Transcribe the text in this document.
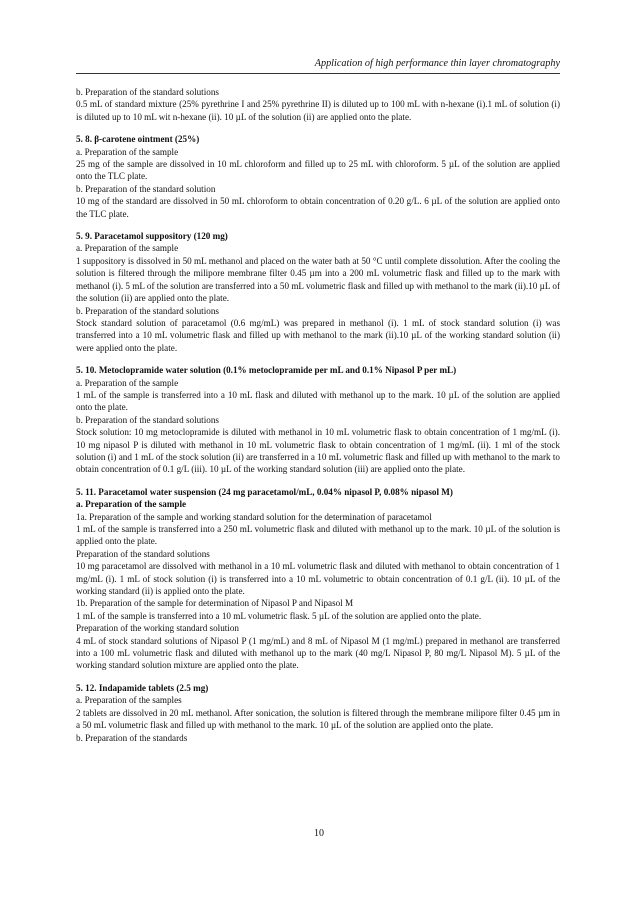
Application of high performance thin layer chromatography

b. Preparation of the standard solutions

0.5 mL of standard mixture (25% pyrethrine I and 25% pyrethrine II) is diluted up to 100 mL with n-hexane (i).1 mL of solution (i) is diluted up to 10 mL wit n-hexane (ii). 10 µL of the solution (ii) are applied onto the plate.

5. 8. β-carotene ointment (25%)

a. Preparation of the sample

25 mg of the sample are dissolved in 10 mL chloroform and filled up to 25 mL with chloroform. 5 µL of the solution are applied onto the TLC plate.

b. Preparation of the standard solution

10 mg of the standard are dissolved in 50 mL chloroform to obtain concentration of 0.20 g/L. 6 µL of the solution are applied onto the TLC plate.

5. 9. Paracetamol suppository (120 mg)

a. Preparation of the sample

1 suppository is dissolved in 50 mL methanol and placed on the water bath at 50 °C until complete dissolution. After the cooling the solution is filtered through the milipore membrane filter 0.45 µm into a 200 mL volumetric flask and filled up to the mark with methanol (i). 5 mL of the solution are transferred into a 50 mL volumetric flask and filled up with methanol to the mark (ii).10 µL of the solution (ii) are applied onto the plate.

b. Preparation of the standard solutions

Stock standard solution of paracetamol (0.6 mg/mL) was prepared in methanol (i). 1 mL of stock standard solution (i) was transferred into a 10 mL volumetric flask and filled up with methanol to the mark (ii).10 µL of the working standard solution (ii) were applied onto the plate.

5. 10. Metoclopramide water solution (0.1% metoclopramide per mL and 0.1% Nipasol P per mL)

a. Preparation of the sample

1 mL of the sample is transferred into a 10 mL flask and diluted with methanol up to the mark. 10 µL of the solution are applied onto the plate.

b. Preparation of the standard solutions

Stock solution: 10 mg metoclopramide is diluted with methanol in 10 mL volumetric flask to obtain concentration of 1 mg/mL (i). 10 mg nipasol P is diluted with methanol in 10 mL volumetric flask to obtain concentration of 1 mg/mL (ii). 1 ml of the stock solution (i) and 1 mL of the stock solution (ii) are transferred in a 10 mL volumetric flask and filled up with methanol to the mark to obtain concentration of 0.1 g/L (iii). 10 µL of the working standard solution (iii) are applied onto the plate.

5. 11. Paracetamol water suspension (24 mg paracetamol/mL, 0.04% nipasol P, 0.08% nipasol M)

a. Preparation of the sample

1a. Preparation of the sample and working standard solution for the determination of paracetamol

1 mL of the sample is transferred into a 250 mL volumetric flask and diluted with methanol up to the mark. 10 µL of the solution is applied onto the plate.

Preparation of the standard solutions

10 mg paracetamol are dissolved with methanol in a 10 mL volumetric flask and diluted with methanol to obtain concentration of 1 mg/mL (i). 1 mL of stock solution (i) is transferred into a 10 mL volumetric to obtain concentration of 0.1 g/L (ii). 10 µL of the working standard (ii) is applied onto the plate.

1b. Preparation of the sample for determination of Nipasol P and Nipasol M

1 mL of the sample is transferred into a 10 mL volumetric flask. 5 µL of the solution are applied onto the plate.

Preparation of the working standard solution

4 mL of stock standard solutions of Nipasol P (1 mg/mL) and 8 mL of Nipasol M (1 mg/mL) prepared in methanol are transferred into a 100 mL volumetric flask and diluted with methanol up to the mark (40 mg/L Nipasol P, 80 mg/L Nipasol M). 5 µL of the working standard solution mixture are applied onto the plate.

5. 12. Indapamide tablets (2.5 mg)

a. Preparation of the samples

2 tablets are dissolved in 20 mL methanol. After sonication, the solution is filtered through the membrane milipore filter 0.45 µm in a 50 mL volumetric flask and filled up with methanol to the mark. 10 µL of the solution are applied onto the plate.

b. Preparation of the standards

10
